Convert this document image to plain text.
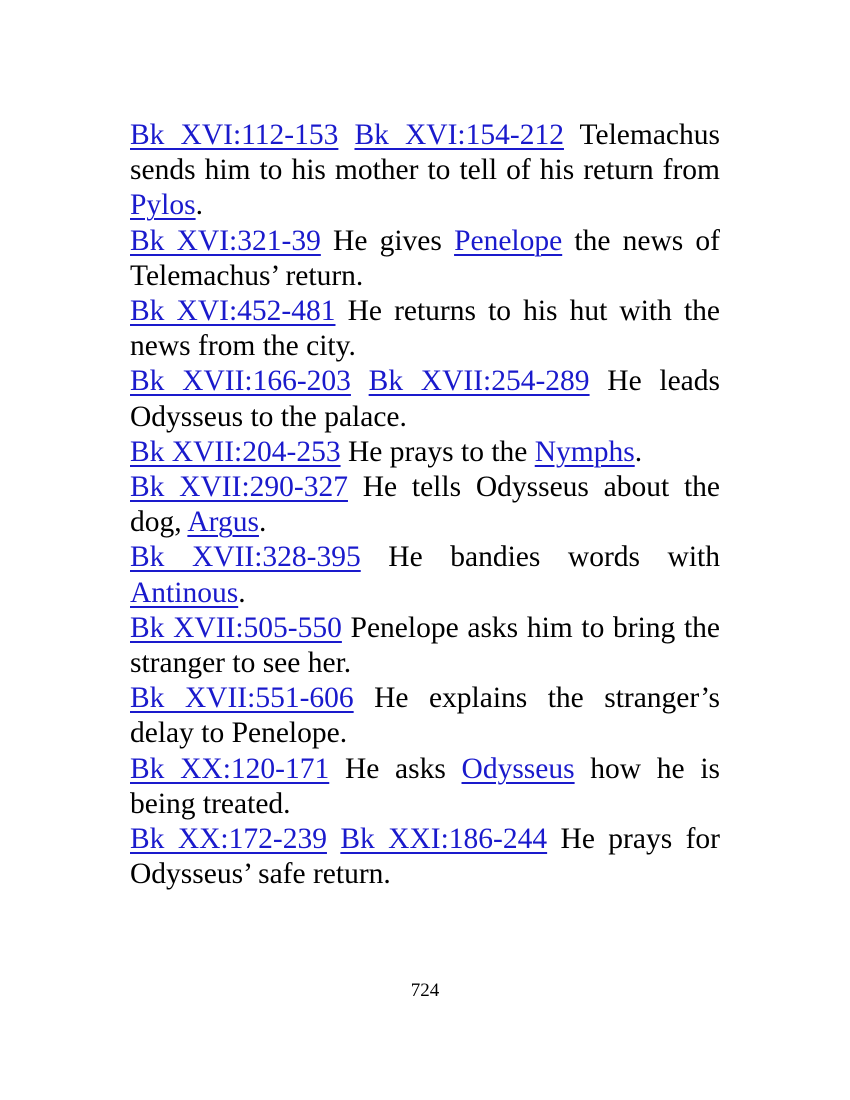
Bk XVI:112-153 Bk XVI:154-212 Telemachus sends him to his mother to tell of his return from Pylos.

Bk XVI:321-39 He gives Penelope the news of Telemachus’ return.

Bk XVI:452-481 He returns to his hut with the news from the city.

Bk XVII:166-203 Bk XVII:254-289 He leads Odysseus to the palace.

Bk XVII:204-253 He prays to the Nymphs.

Bk XVII:290-327 He tells Odysseus about the dog, Argus.

Bk XVII:328-395 He bandies words with Antinous.

Bk XVII:505-550 Penelope asks him to bring the stranger to see her.

Bk XVII:551-606 He explains the stranger’s delay to Penelope.

Bk XX:120-171 He asks Odysseus how he is being treated.

Bk XX:172-239 Bk XXI:186-244 He prays for Odysseus’ safe return.

724
